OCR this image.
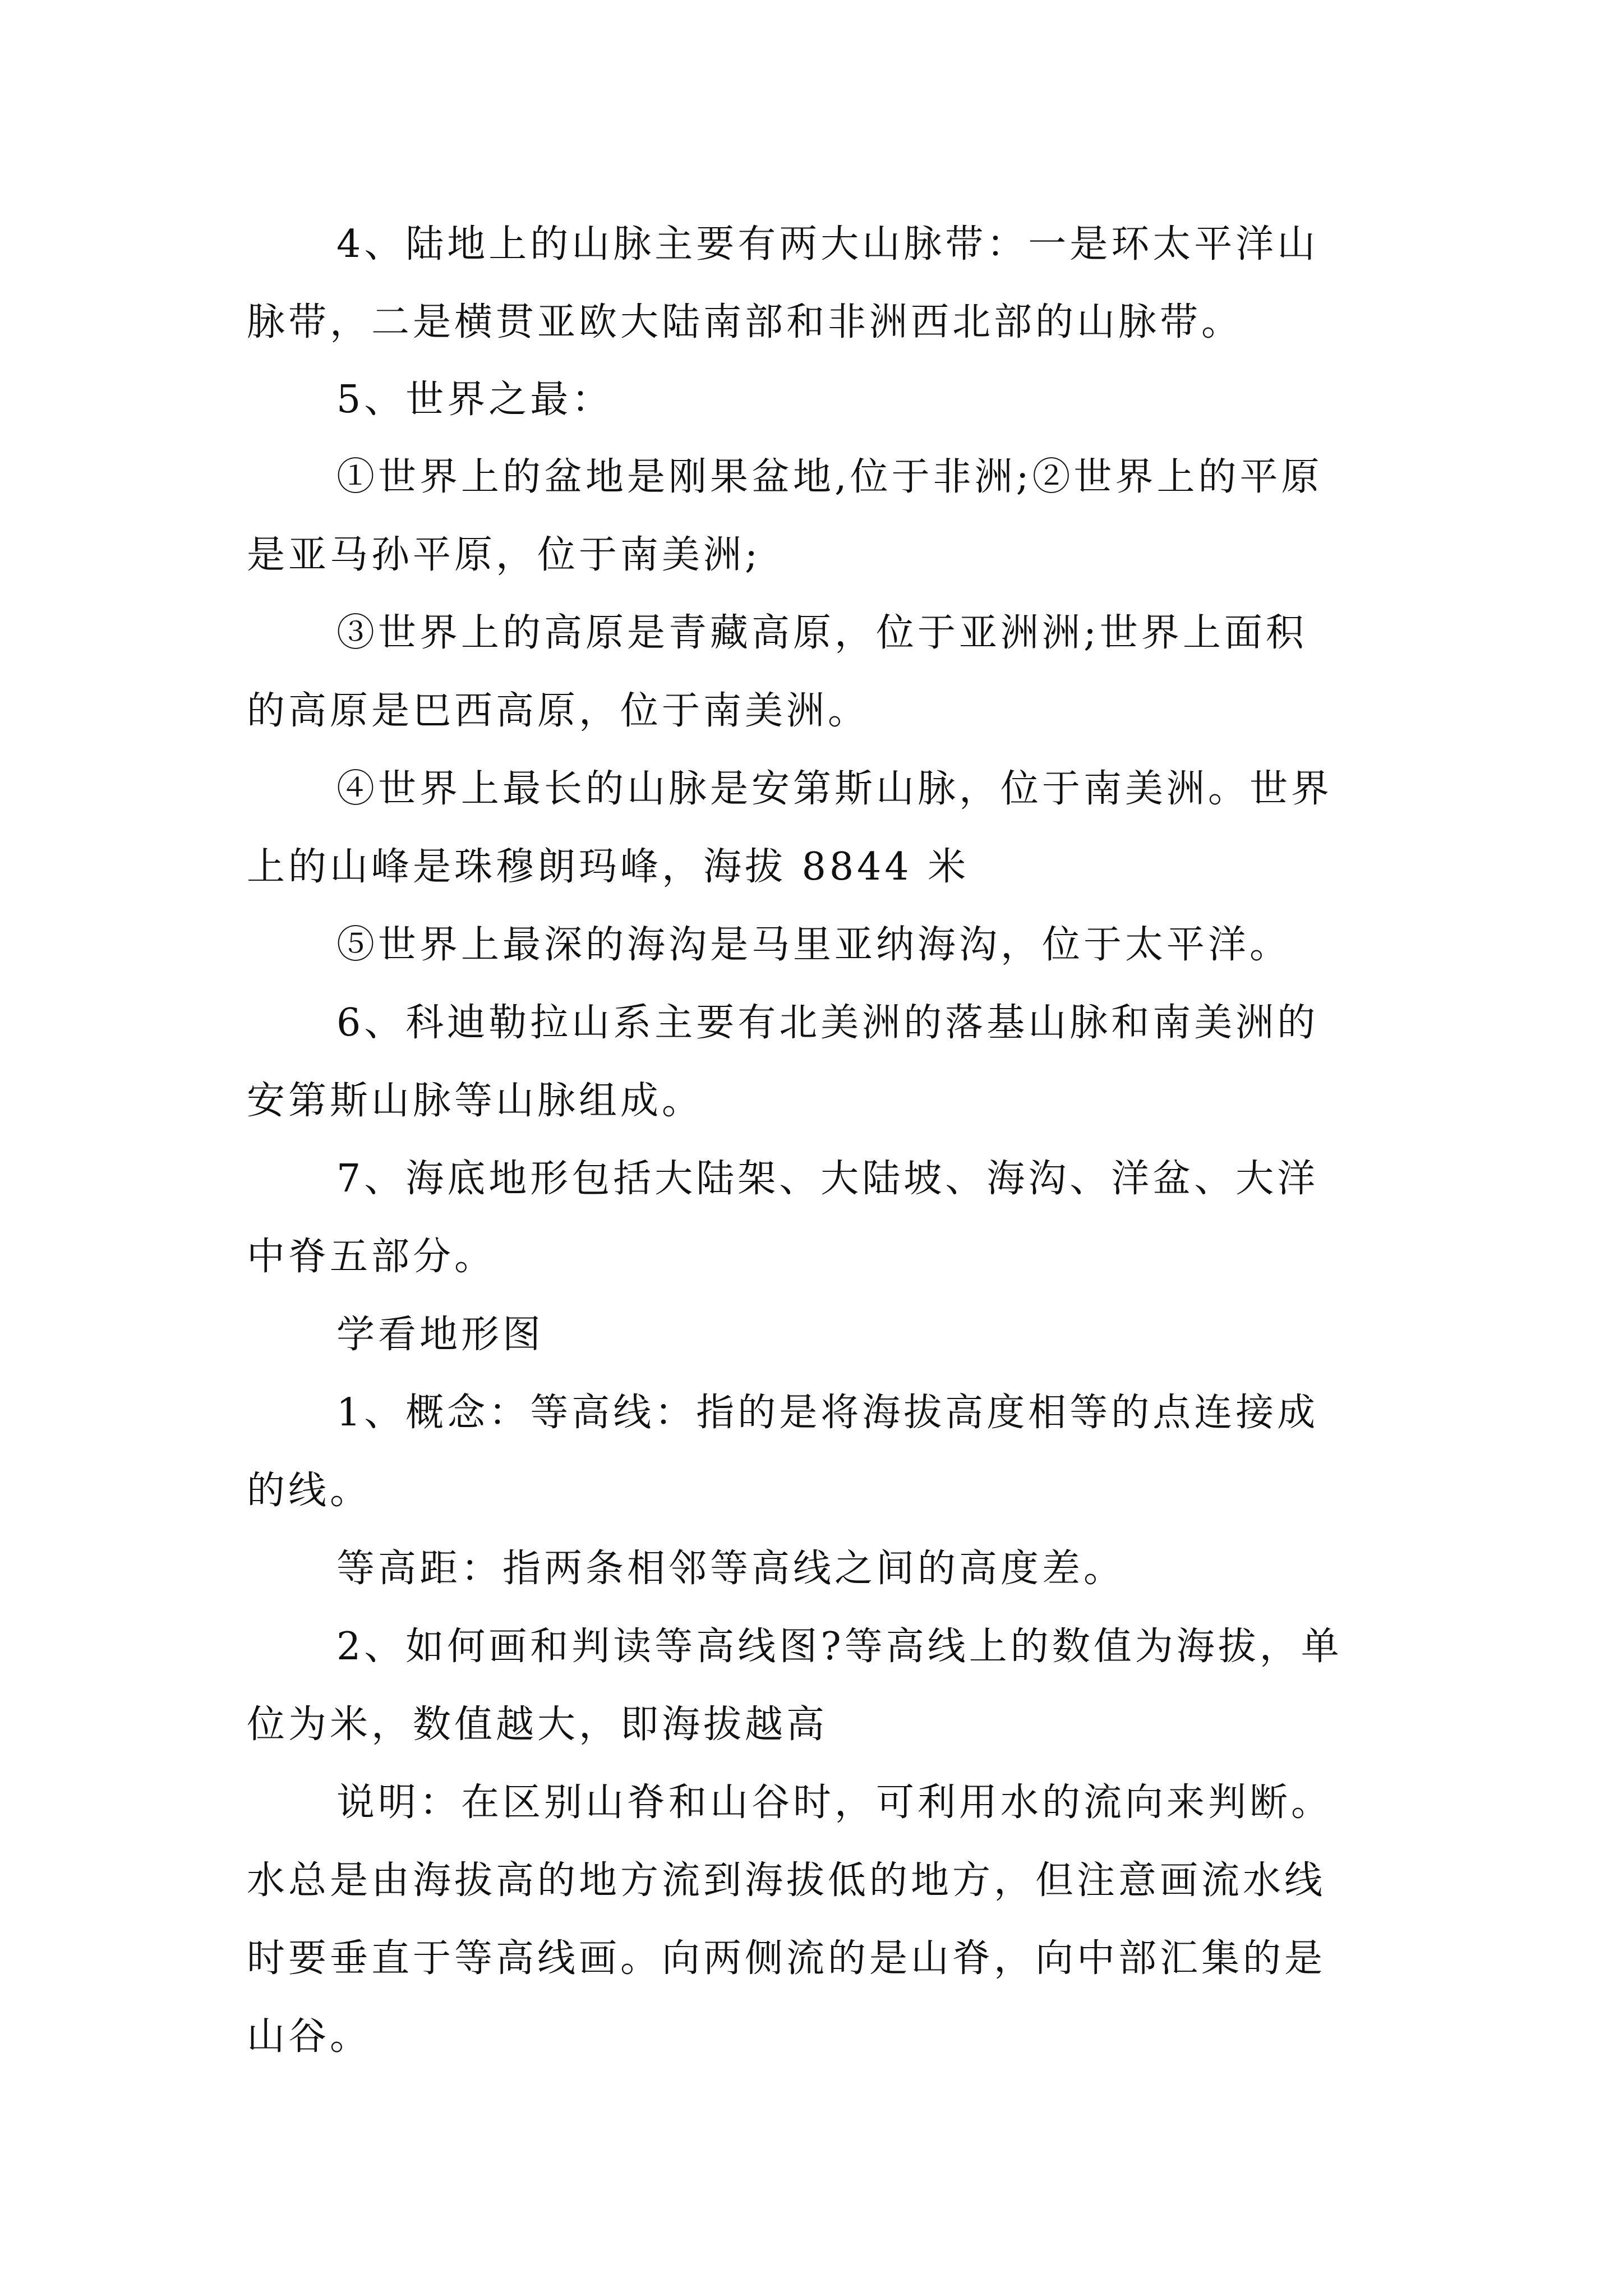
4、陆地上的山脉主要有两大山脉带：一是环太平洋山
脉带，二是横贯亚欧大陆南部和非洲西北部的山脉带。
5、世界之最：
①世界上的盆地是刚果盆地,位于非洲;②世界上的平原
是亚马孙平原，位于南美洲;
③世界上的高原是青藏高原，位于亚洲洲;世界上面积
的高原是巴西高原，位于南美洲。
④世界上最长的山脉是安第斯山脉，位于南美洲。世界
上的山峰是珠穆朗玛峰，海拔 8844 米
⑤世界上最深的海沟是马里亚纳海沟，位于太平洋。
6、科迪勒拉山系主要有北美洲的落基山脉和南美洲的
安第斯山脉等山脉组成。
7、海底地形包括大陆架、大陆坡、海沟、洋盆、大洋
中脊五部分。
学看地形图
1、概念：等高线：指的是将海拔高度相等的点连接成
的线。
等高距：指两条相邻等高线之间的高度差。
2、如何画和判读等高线图?等高线上的数值为海拔，单
位为米，数值越大，即海拔越高
说明：在区别山脊和山谷时，可利用水的流向来判断。
水总是由海拔高的地方流到海拔低的地方，但注意画流水线
时要垂直于等高线画。向两侧流的是山脊，向中部汇集的是
山谷。
